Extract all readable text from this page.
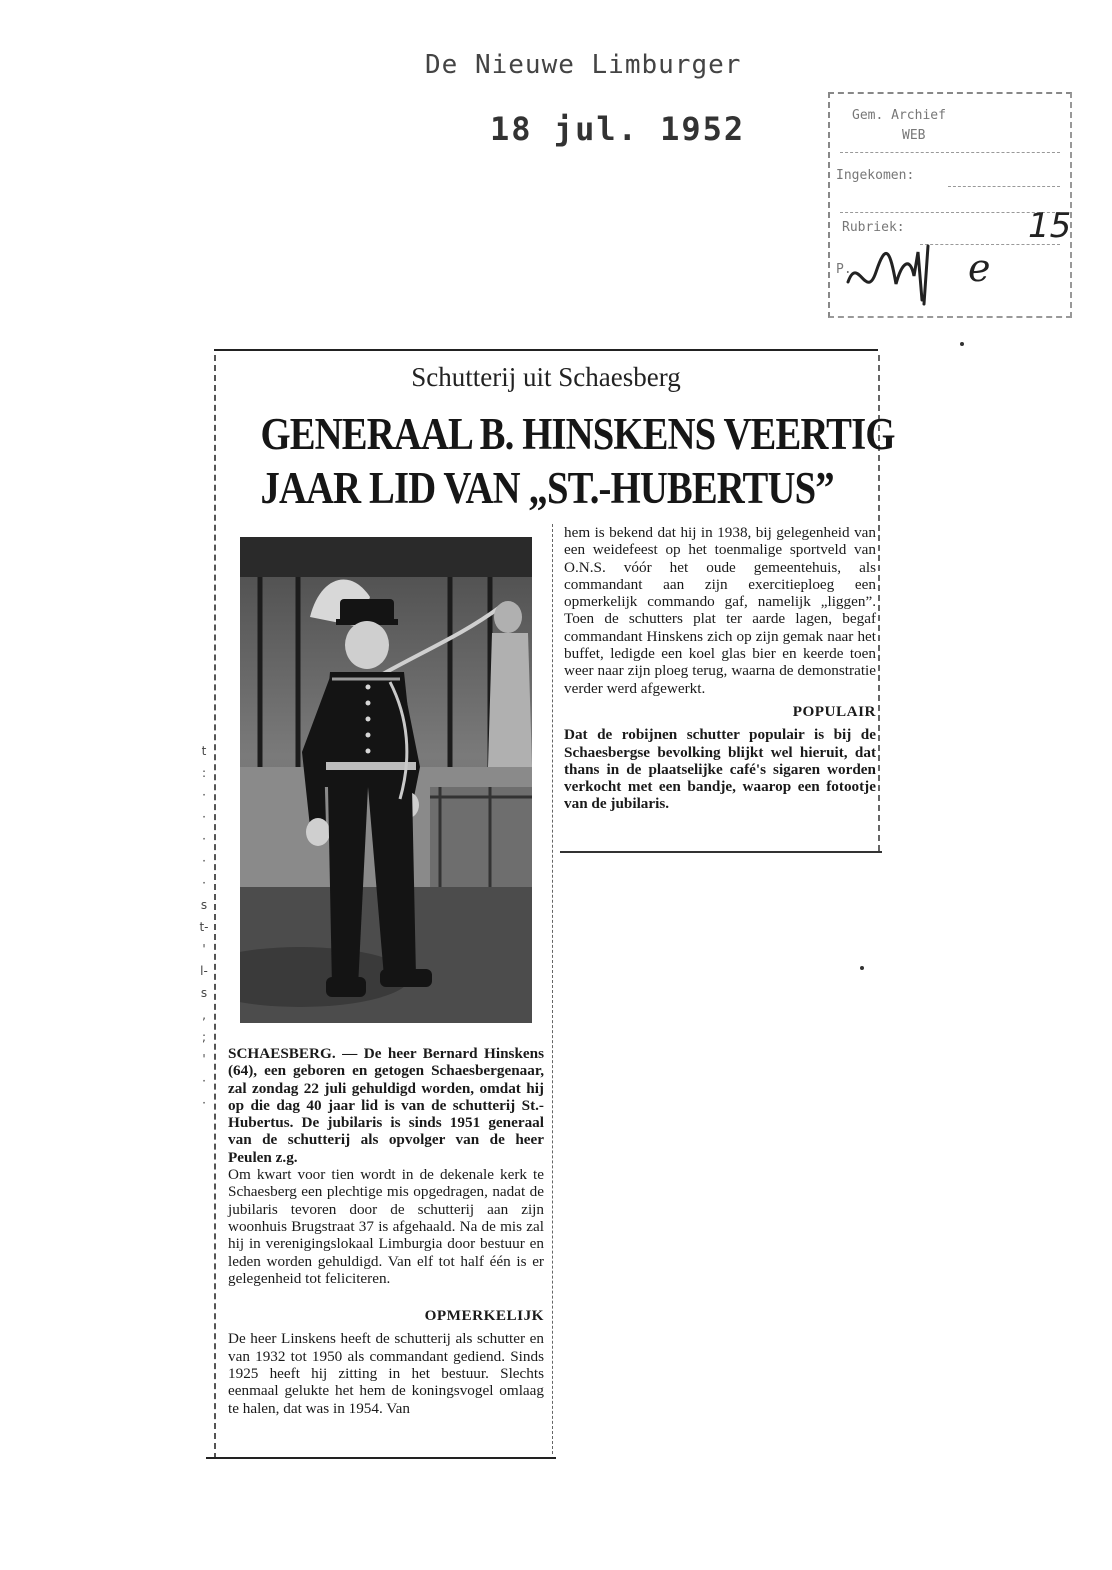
De Nieuwe Limburger
18 jul. 1952	Gem. Archief
WEB
Ingekomen:
Rubriek:
P.
15
e
Schutterij uit Schaesberg
GENERAAL B. HINSKENS VEERTIG
JAAR LID VAN „ST.-HUBERTUS”

SCHAESBERG. — De heer Bernard Hinskens (64), een geboren en getogen Schaesbergenaar, zal zondag 22 juli gehuldigd worden, omdat hij op die dag 40 jaar lid is van de schutterij St.-Hubertus. De jubilaris is sinds 1951 generaal van de schutterij als opvolger van de heer Peulen z.g.

Om kwart voor tien wordt in de dekenale kerk te Schaesberg een plechtige mis opgedragen, nadat de jubilaris tevoren door de schutterij aan zijn woonhuis Brugstraat 37 is afgehaald. Na de mis zal hij in verenigingslokaal Limburgia door bestuur en leden worden gehuldigd. Van elf tot half één is er gelegenheid tot feliciteren.

OPMERKELIJK

De heer Linskens heeft de schutterij als schutter en van 1932 tot 1950 als commandant gediend. Sinds 1925 heeft hij zitting in het bestuur. Slechts eenmaal gelukte het hem de koningsvogel omlaag te halen, dat was in 1954. Van

hem is bekend dat hij in 1938, bij gelegenheid van een weidefeest op het toenmalige sportveld van O.N.S. vóór het oude gemeentehuis, als commandant aan zijn exercitieploeg een opmerkelijk commando gaf, namelijk „liggen”. Toen de schutters plat ter aarde lagen, begaf commandant Hinskens zich op zijn gemak naar het buffet, ledigde een koel glas bier en keerde toen weer naar zijn ploeg terug, waarna de demonstratie verder werd afgewerkt.

POPULAIR

Dat de robijnen schutter populair is bij de Schaesbergse bevolking blijkt wel hieruit, dat thans in de plaatselijke café's sigaren worden verkocht met een bandje, waarop een fotootje van de jubilaris.

t
:
·
·
·
·
·
s
t-
'
l-
s
,
;
'
·
·
